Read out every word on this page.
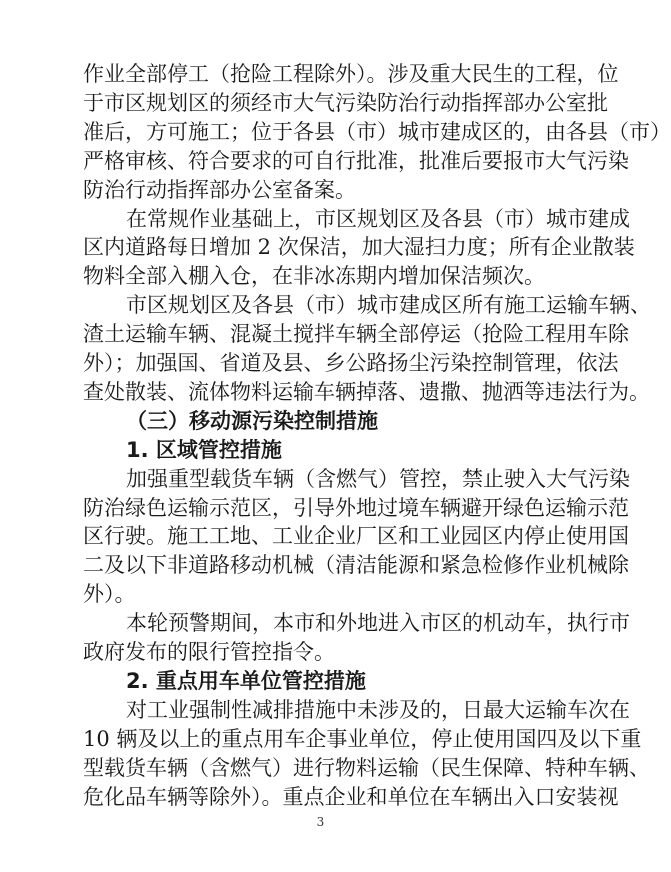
作业全部停工（抢险工程除外）。涉及重大民生的工程，位
于市区规划区的须经市大气污染防治行动指挥部办公室批
准后，方可施工；位于各县（市）城市建成区的，由各县（市）
严格审核、符合要求的可自行批准，批准后要报市大气污染
防治行动指挥部办公室备案。
在常规作业基础上，市区规划区及各县（市）城市建成
区内道路每日增加 2 次保洁，加大湿扫力度；所有企业散装
物料全部入棚入仓，在非冰冻期内增加保洁频次。
市区规划区及各县（市）城市建成区所有施工运输车辆、
渣土运输车辆、混凝土搅拌车辆全部停运（抢险工程用车除
外）；加强国、省道及县、乡公路扬尘污染控制管理，依法
查处散装、流体物料运输车辆掉落、遗撒、抛洒等违法行为。
（三）移动源污染控制措施
1. 区域管控措施
加强重型载货车辆（含燃气）管控，禁止驶入大气污染
防治绿色运输示范区，引导外地过境车辆避开绿色运输示范
区行驶。施工工地、工业企业厂区和工业园区内停止使用国
二及以下非道路移动机械（清洁能源和紧急检修作业机械除
外）。
本轮预警期间，本市和外地进入市区的机动车，执行市
政府发布的限行管控指令。
2. 重点用车单位管控措施
对工业强制性减排措施中未涉及的，日最大运输车次在
10 辆及以上的重点用车企事业单位，停止使用国四及以下重
型载货车辆（含燃气）进行物料运输（民生保障、特种车辆、
危化品车辆等除外）。重点企业和单位在车辆出入口安装视
3
